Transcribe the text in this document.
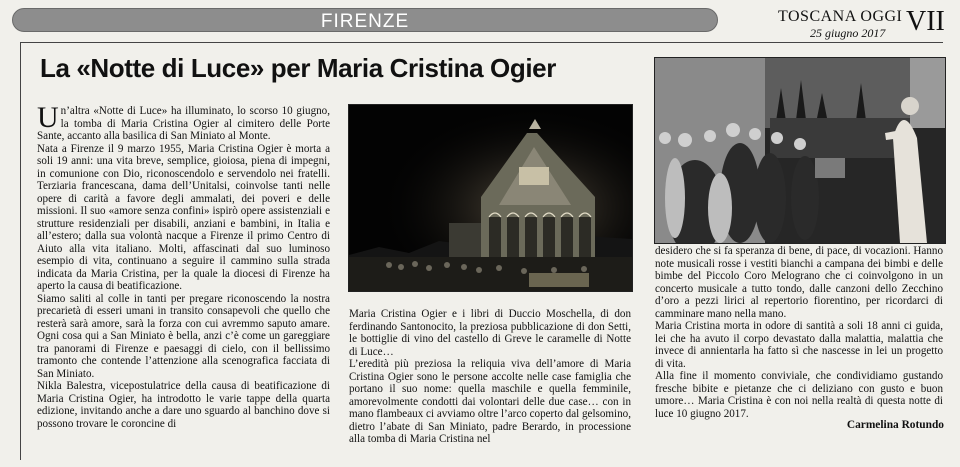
FIRENZE	TOSCANA OGGI
25 giugno 2017 VII
La «Notte di Luce» per Maria Cristina Ogier
Un’altra «Notte di Luce» ha illuminato, lo scorso 10 giugno, la tomba di Maria Cristina Ogier al cimitero delle Porte Sante, accanto alla basilica di San Miniato al Monte.
Nata a Firenze il 9 marzo 1955, Maria Cristina Ogier è morta a soli 19 anni: una vita breve, semplice, gioiosa, piena di impegni, in comunione con Dio, riconoscendolo e servendolo nei fratelli. Terziaria francescana, dama dell’Unitalsi, coinvolse tanti nelle opere di carità a favore degli ammalati, dei poveri e delle missioni. Il suo «amore senza confini» ispirò opere assistenziali e strutture residenziali per disabili, anziani e bambini, in Italia e all’estero; dalla sua volontà nacque a Firenze il primo Centro di Aiuto alla vita italiano. Molti, affascinati dal suo luminoso esempio di vita, continuano a seguire il cammino sulla strada indicata da Maria Cristina, per la quale la diocesi di Firenze ha aperto la causa di beatificazione.
Siamo saliti al colle in tanti per pregare riconoscendo la nostra precarietà di esseri umani in transito consapevoli che quello che resterà sarà amore, sarà la forza con cui avremmo saputo amare. Ogni cosa qui a San Miniato è bella, anzi c’è come un gareggiare tra panorami di Firenze e paesaggi di cielo, con il bellissimo tramonto che contende l’attenzione alla scenografica facciata di San Miniato.
Nikla Balestra, vicepostulatrice della causa di beatificazione di Maria Cristina Ogier, ha introdotto le varie tappe della quarta edizione, invitando anche a dare uno sguardo al banchino dove si possono trovare le coroncine di
Maria Cristina Ogier e i libri di Duccio Moschella, di don ferdinando Santonocito, la preziosa pubblicazione di don Setti, le bottiglie di vino del castello di Greve le caramelle di Notte di Luce…
L’eredità più preziosa la reliquia viva dell’amore di Maria Cristina Ogier sono le persone accolte nelle case famiglia che portano il suo nome: quella maschile e quella femminile, amorevolmente condotti dai volontari delle due case… con in mano flambeaux ci avviamo oltre l’arco coperto dal gelsomino, dietro l’abate di San Miniato, padre Berardo, in processione alla tomba di Maria Cristina nel
desidero che si fa speranza di bene, di pace, di vocazioni. Hanno note musicali rosse i vestiti bianchi a campana dei bimbi e delle bimbe del Piccolo Coro Melograno che ci coinvolgono in un concerto musicale a tutto tondo, dalle canzoni dello Zecchino d’oro a pezzi lirici al repertorio fiorentino, per ricordarci di camminare mano nella mano.
Maria Cristina morta in odore di santità a soli 18 anni ci guida, lei che ha avuto il corpo devastato dalla malattia, malattia che invece di annientarla ha fatto sì che nascesse in lei un progetto di vita.
Alla fine il momento conviviale, che condividiamo gustando fresche bibite e pietanze che ci deliziano con gusto e buon umore… Maria Cristina è con noi nella realtà di questa notte di luce 10 giugno 2017.
Carmelina Rotundo
